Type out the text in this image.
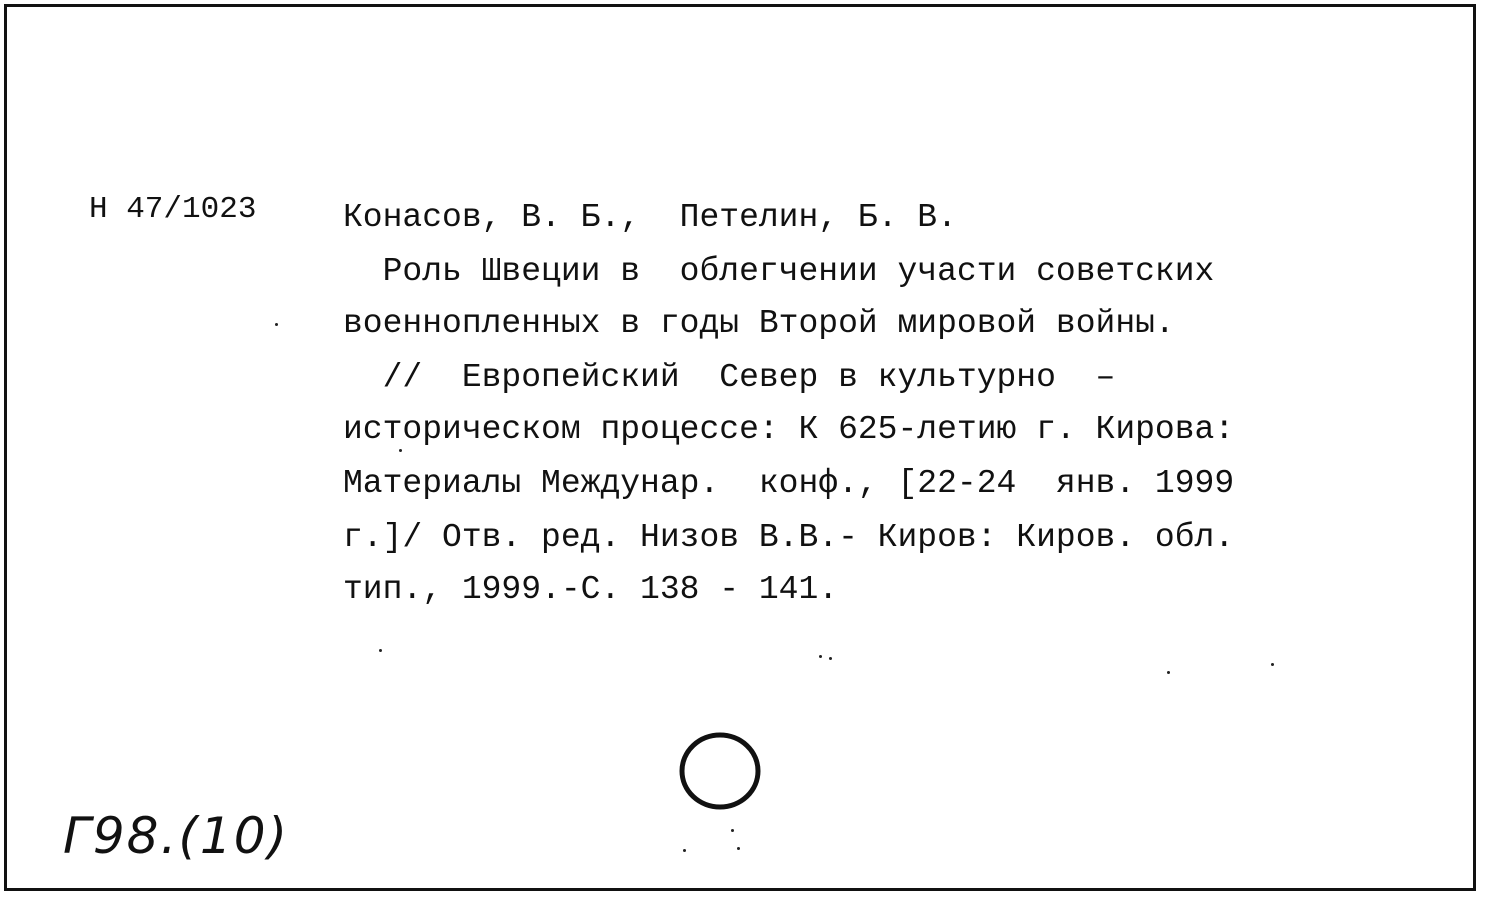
Н 47/1023	Конасов, В. Б.,  Петелин, Б. В.
Роль Швеции в  облегчении участи советских
военнопленных в годы Второй мировой войны.
//  Европейский  Север в культурно  –
историческом процессе: К 625-летию г. Кирова:
Материалы Междунар.  конф., [22-24  янв. 1999
г.]/ Отв. ред. Низов В.В.- Киров: Киров. обл.
тип., 1999.-С. 138 - 141.
Г98.(10)
